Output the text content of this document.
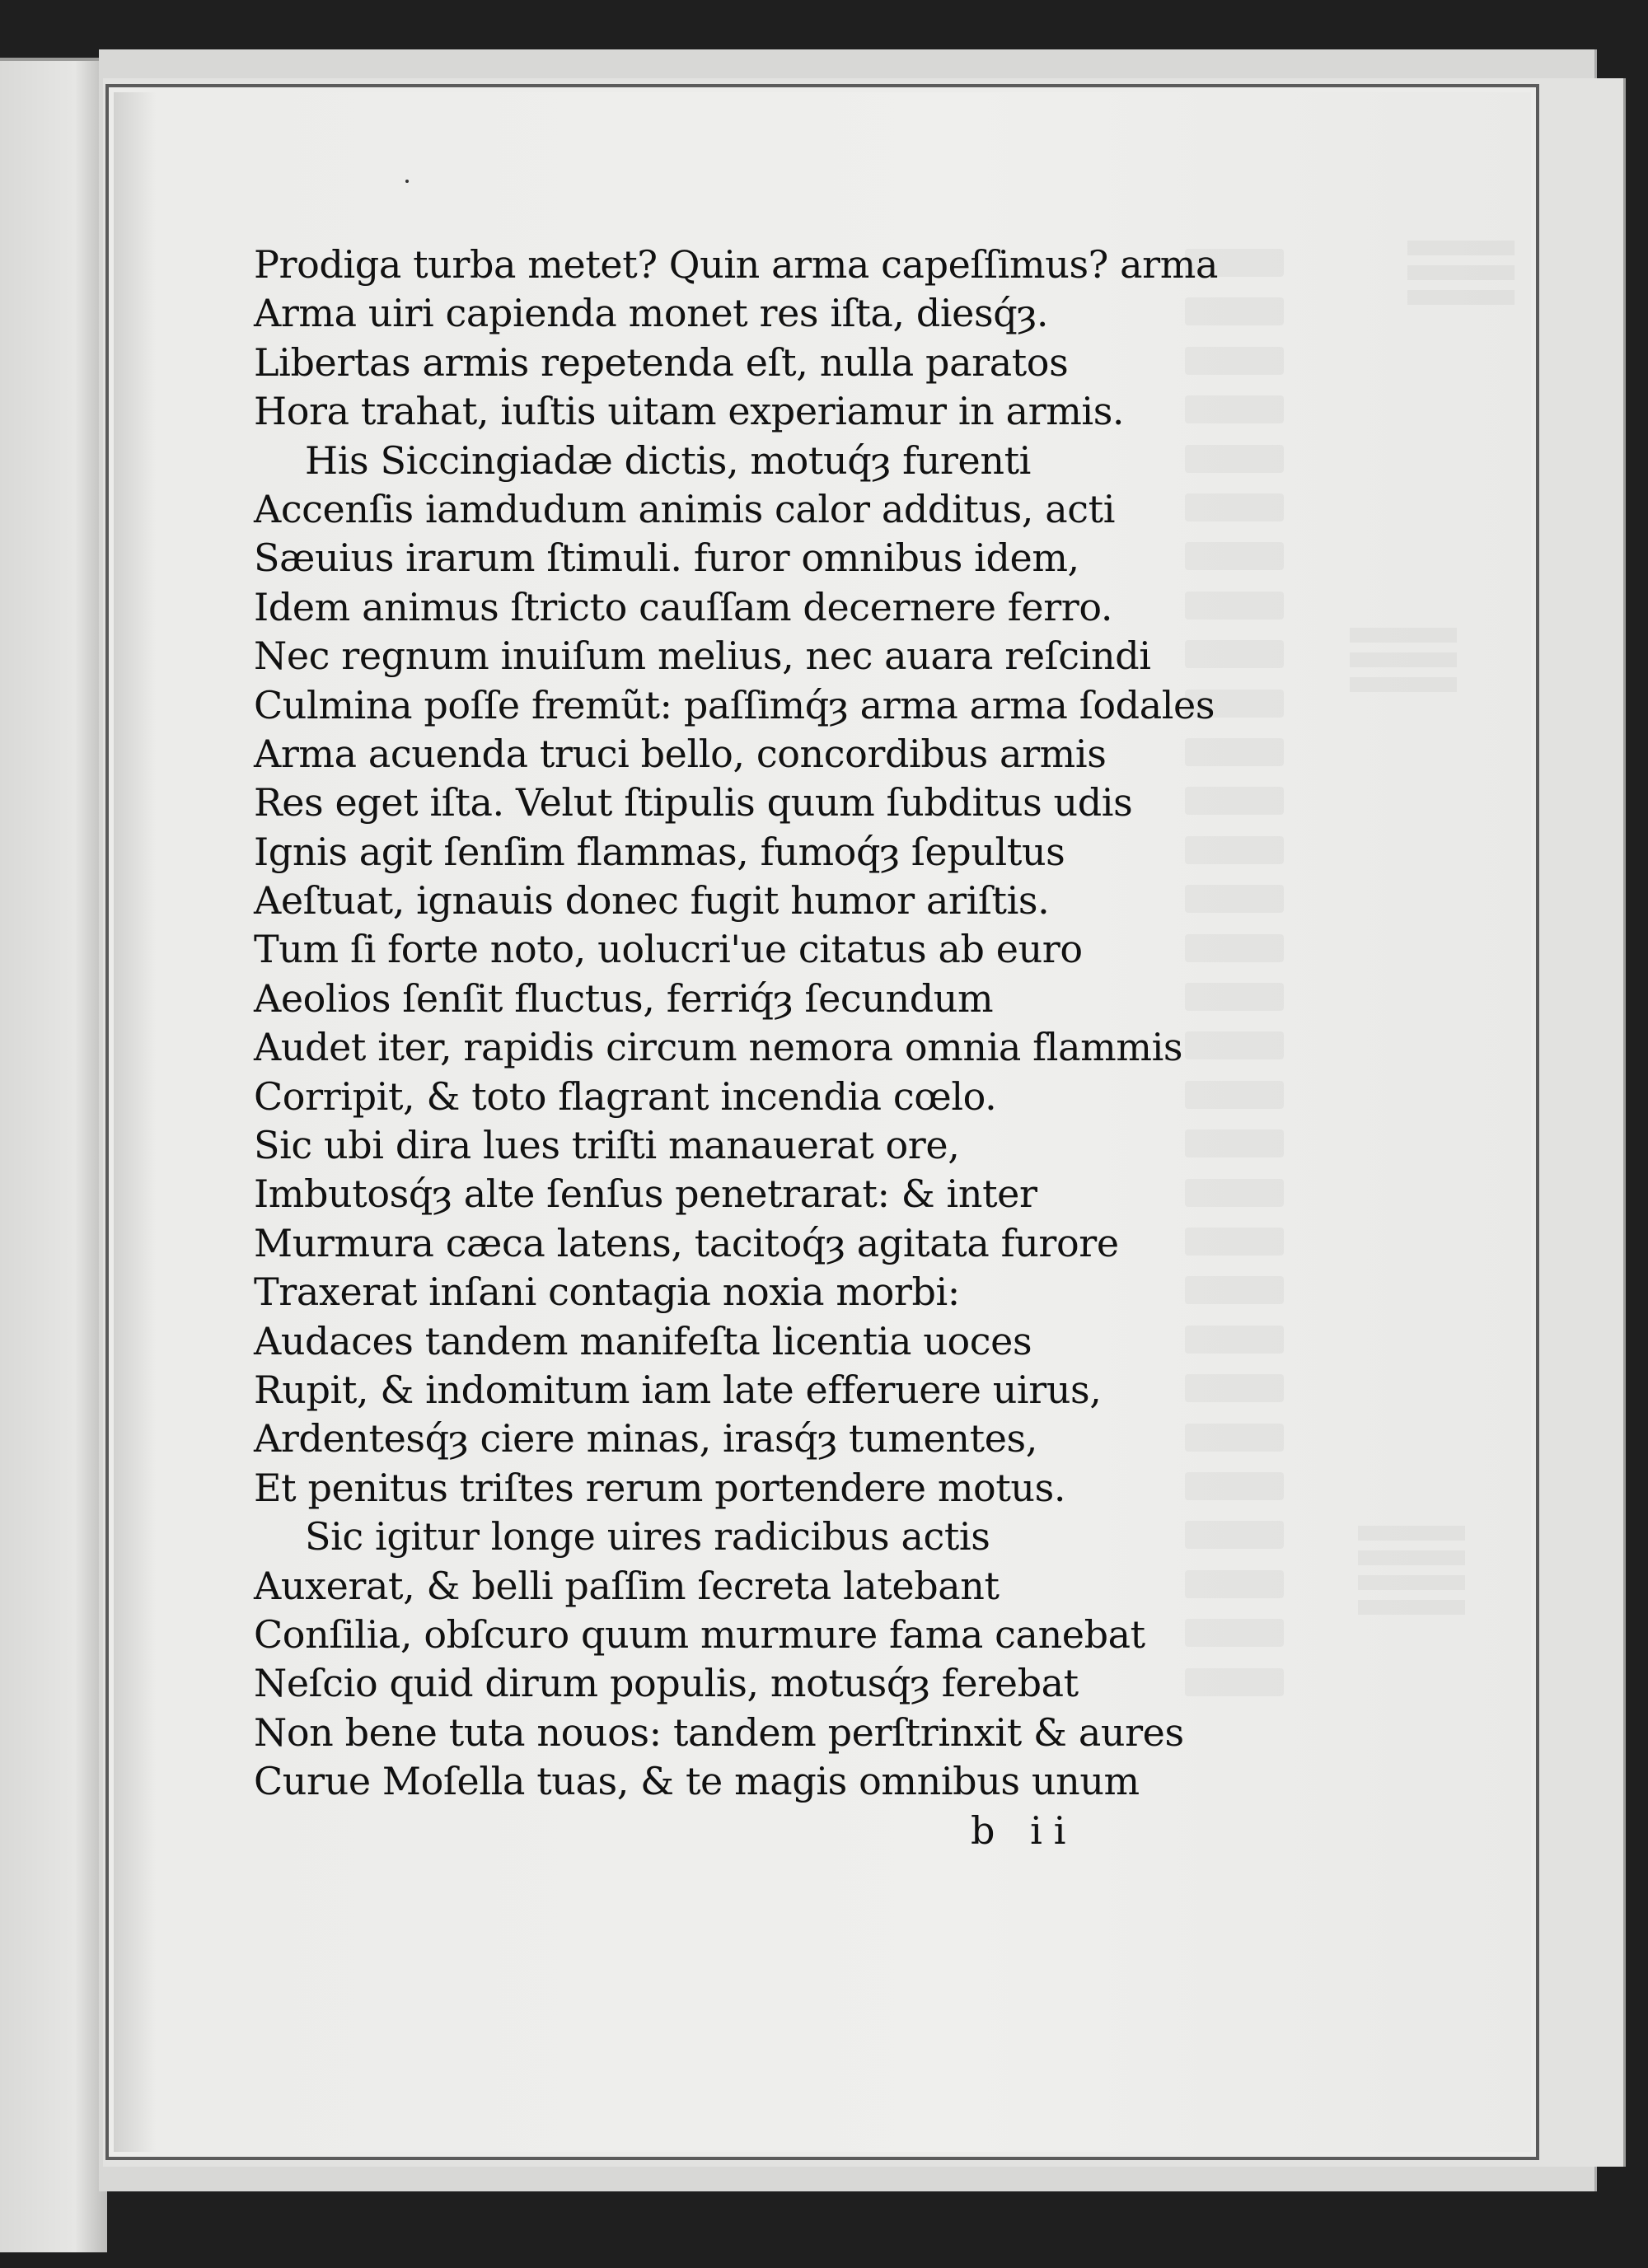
Prodiga turba metet? Quin arma capeſſimus? arma
Arma uiri capienda monet res iſta, diesq́ȝ.
Libertas armis repetenda eſt, nulla paratos
Hora trahat, iuſtis uitam experiamur in armis.
His Siccingiadæ dictis, motuq́ȝ furenti
Accenſis iamdudum animis calor additus, acti
Sæuius irarum ſtimuli. furor omnibus idem,
Idem animus ſtricto cauſſam decernere ferro.
Nec regnum inuiſum melius, nec auara reſcindi
Culmina poſſe fremũt: paſſimq́ȝ arma arma ſodales
Arma acuenda truci bello, concordibus armis
Res eget iſta. Velut ſtipulis quum ſubditus udis
Ignis agit ſenſim flammas, fumoq́ȝ ſepultus
Aeſtuat, ignauis donec fugit humor ariſtis.
Tum ſi forte noto, uolucri'ue citatus ab euro
Aeolios ſenſit fluctus, ferriq́ȝ ſecundum
Audet iter, rapidis circum nemora omnia flammis
Corripit, & toto flagrant incendia cœlo.
Sic ubi dira lues triſti manauerat ore,
Imbutosq́ȝ alte ſenſus penetrarat: & inter
Murmura cæca latens, tacitoq́ȝ agitata furore
Traxerat inſani contagia noxia morbi:
Audaces tandem manifeſta licentia uoces
Rupit, & indomitum iam late efferuere uirus,
Ardentesq́ȝ ciere minas, irasq́ȝ tumentes,
Et penitus triſtes rerum portendere motus.
Sic igitur longe uires radicibus actis
Auxerat, & belli paſſim ſecreta latebant
Conſilia, obſcuro quum murmure fama canebat
Neſcio quid dirum populis, motusq́ȝ ferebat
Non bene tuta nouos: tandem perſtrinxit & aures
Curue Moſella tuas, & te magis omnibus unum
b ii
